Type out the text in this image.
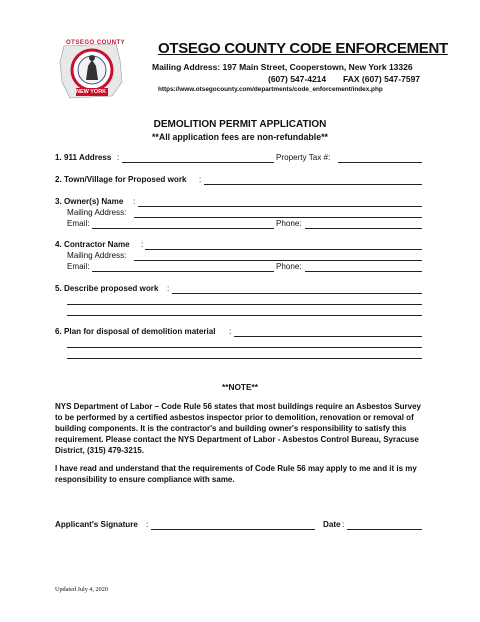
OTSEGO COUNTY
NEW YORK
OTSEGO COUNTY CODE ENFORCEMENT
Mailing Address: 197 Main Street, Cooperstown, New York 13326
(607) 547-4214 FAX (607) 547-7597
https://www.otsegocounty.com/departments/code_enforcement/index.php
DEMOLITION PERMIT APPLICATION
**All application fees are non-refundable**
1. 911 Address :	Property Tax #:
2. Town/Village for Proposed work :
3. Owner(s) Name :
Mailing Address:
Email:	Phone:
4. Contractor Name :
Mailing Address:
Email:	Phone:
5. Describe proposed work :
6. Plan for disposal of demolition material :
**NOTE**
NYS Department of Labor – Code Rule 56 states that most buildings require an Asbestos Survey to be performed by a certified asbestos inspector prior to demolition, renovation or removal of building components. It is the contractor's and building owner's responsibility to satisfy this requirement. Please contact the NYS Department of Labor - Asbestos Control Bureau, Syracuse District, (315) 479-3215.
I have read and understand that the requirements of Code Rule 56 may apply to me and it is my responsibility to ensure compliance with same.
Applicant's Signature :	Date :
Updated July 4, 2020
